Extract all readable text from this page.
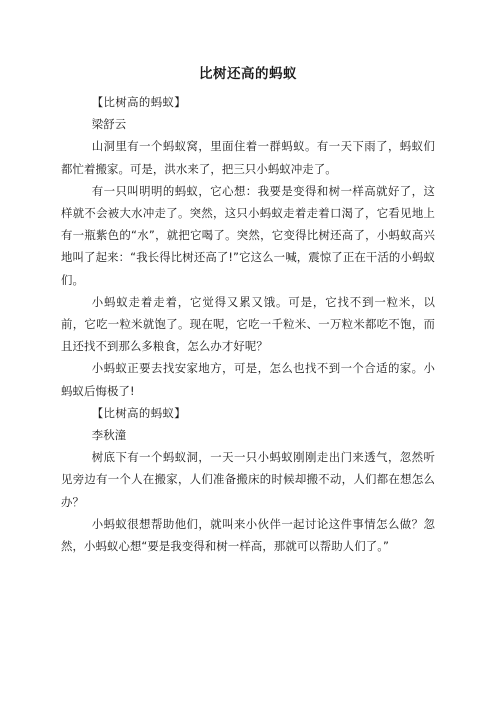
比树还高的蚂蚁

【比树高的蚂蚁】

梁舒云

山洞里有一个蚂蚁窝，里面住着一群蚂蚁。有一天下雨了，蚂蚁们都忙着搬家。可是，洪水来了，把三只小蚂蚁冲走了。

有一只叫明明的蚂蚁，它心想：我要是变得和树一样高就好了，这样就不会被大水冲走了。突然，这只小蚂蚁走着走着口渴了，它看见地上有一瓶紫色的“水”，就把它喝了。突然，它变得比树还高了，小蚂蚁高兴地叫了起来：“我长得比树还高了!”它这么一喊，震惊了正在干活的小蚂蚁们。

小蚂蚁走着走着，它觉得又累又饿。可是，它找不到一粒米，以前，它吃一粒米就饱了。现在呢，它吃一千粒米、一万粒米都吃不饱，而且还找不到那么多粮食，怎么办才好呢？

小蚂蚁正要去找安家地方，可是，怎么也找不到一个合适的家。小蚂蚁后悔极了!

【比树高的蚂蚁】

李秋潼

树底下有一个蚂蚁洞，一天一只小蚂蚁刚刚走出门来透气，忽然听见旁边有一个人在搬家，人们准备搬床的时候却搬不动，人们都在想怎么办？

小蚂蚁很想帮助他们，就叫来小伙伴一起讨论这件事情怎么做？忽然，小蚂蚁心想“要是我变得和树一样高，那就可以帮助人们了。”
